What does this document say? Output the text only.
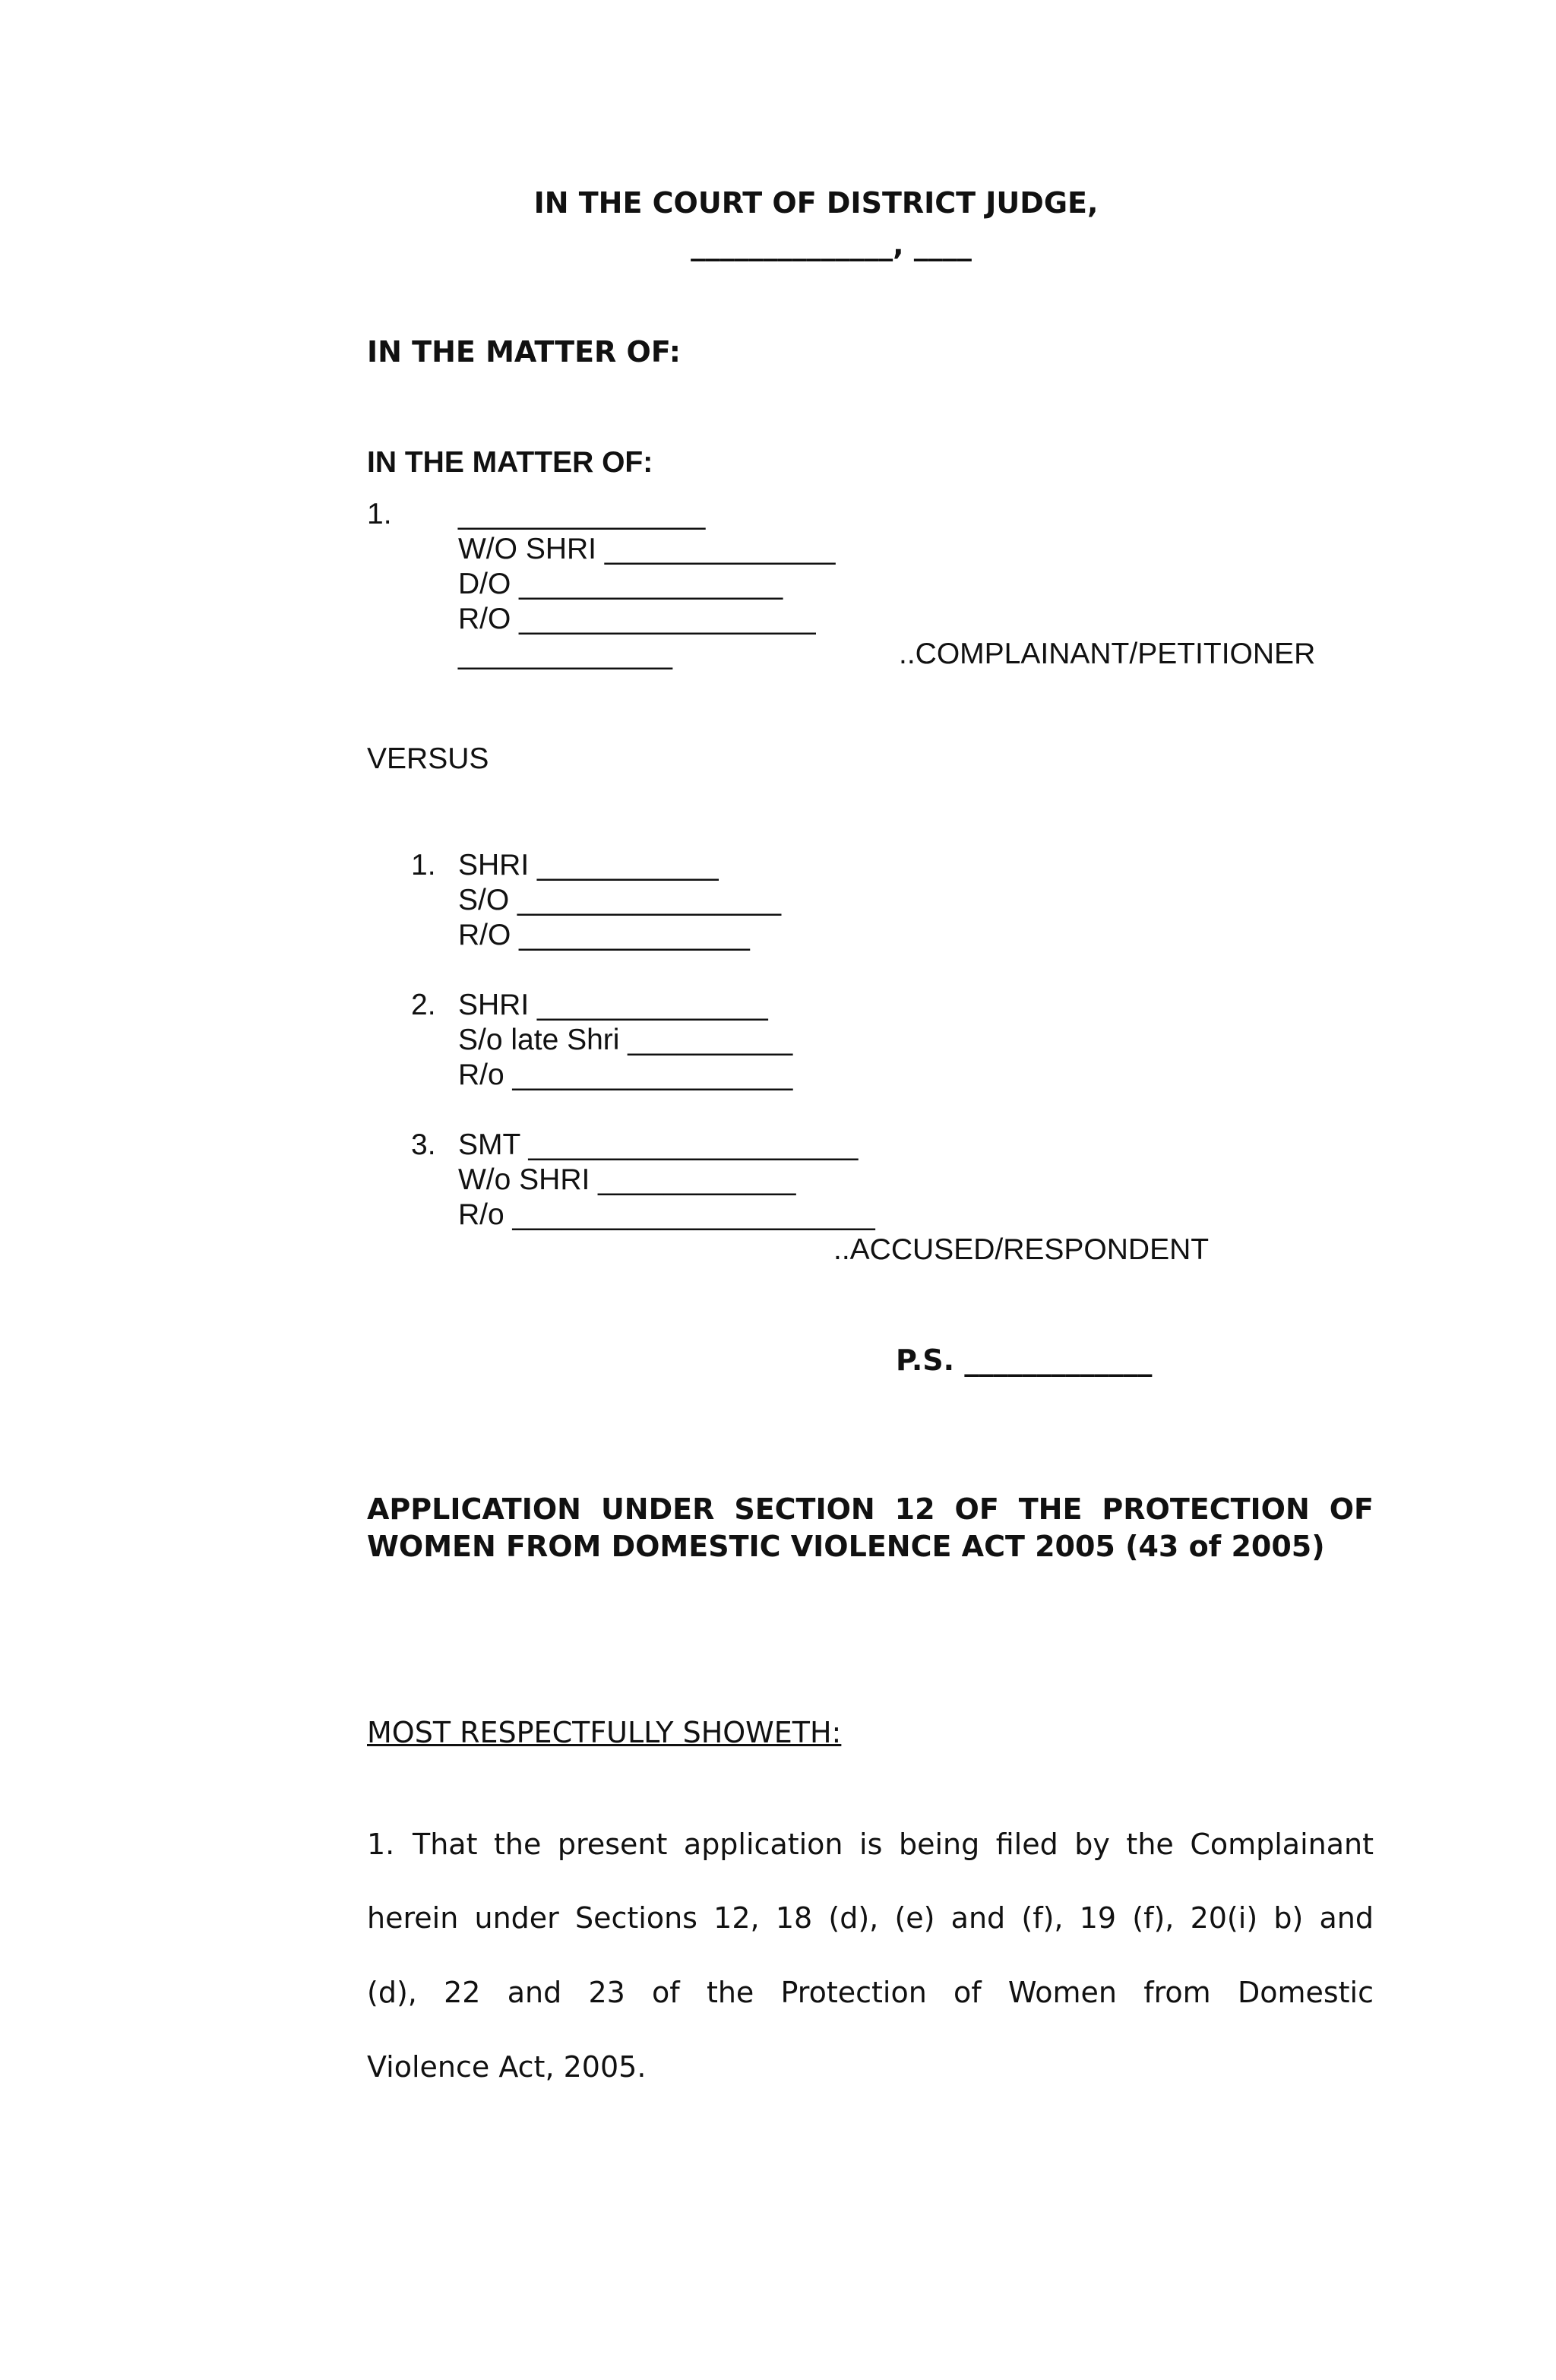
IN THE COURT OF DISTRICT JUDGE,
______________, ____
IN THE MATTER OF:
IN THE MATTER OF:
1. _______________
W/O SHRI ______________
D/O ________________
R/O __________________
_____________	..COMPLAINANT/PETITIONER
VERSUS
1. SHRI ___________
S/O ________________
R/O ______________
2. SHRI ______________
S/o late Shri __________
R/o _________________
3. SMT ____________________
W/o SHRI ____________
R/o ______________________
..ACCUSED/RESPONDENT
P.S. _____________
APPLICATION UNDER SECTION 12 OF THE PROTECTION OF WOMEN FROM DOMESTIC VIOLENCE ACT 2005 (43 of 2005)
MOST RESPECTFULLY SHOWETH:
1. That the present application is being filed by the Complainant
herein under Sections 12, 18 (d), (e) and (f), 19 (f), 20(i) b) and
(d), 22 and 23 of the Protection of Women from Domestic
Violence Act, 2005.
